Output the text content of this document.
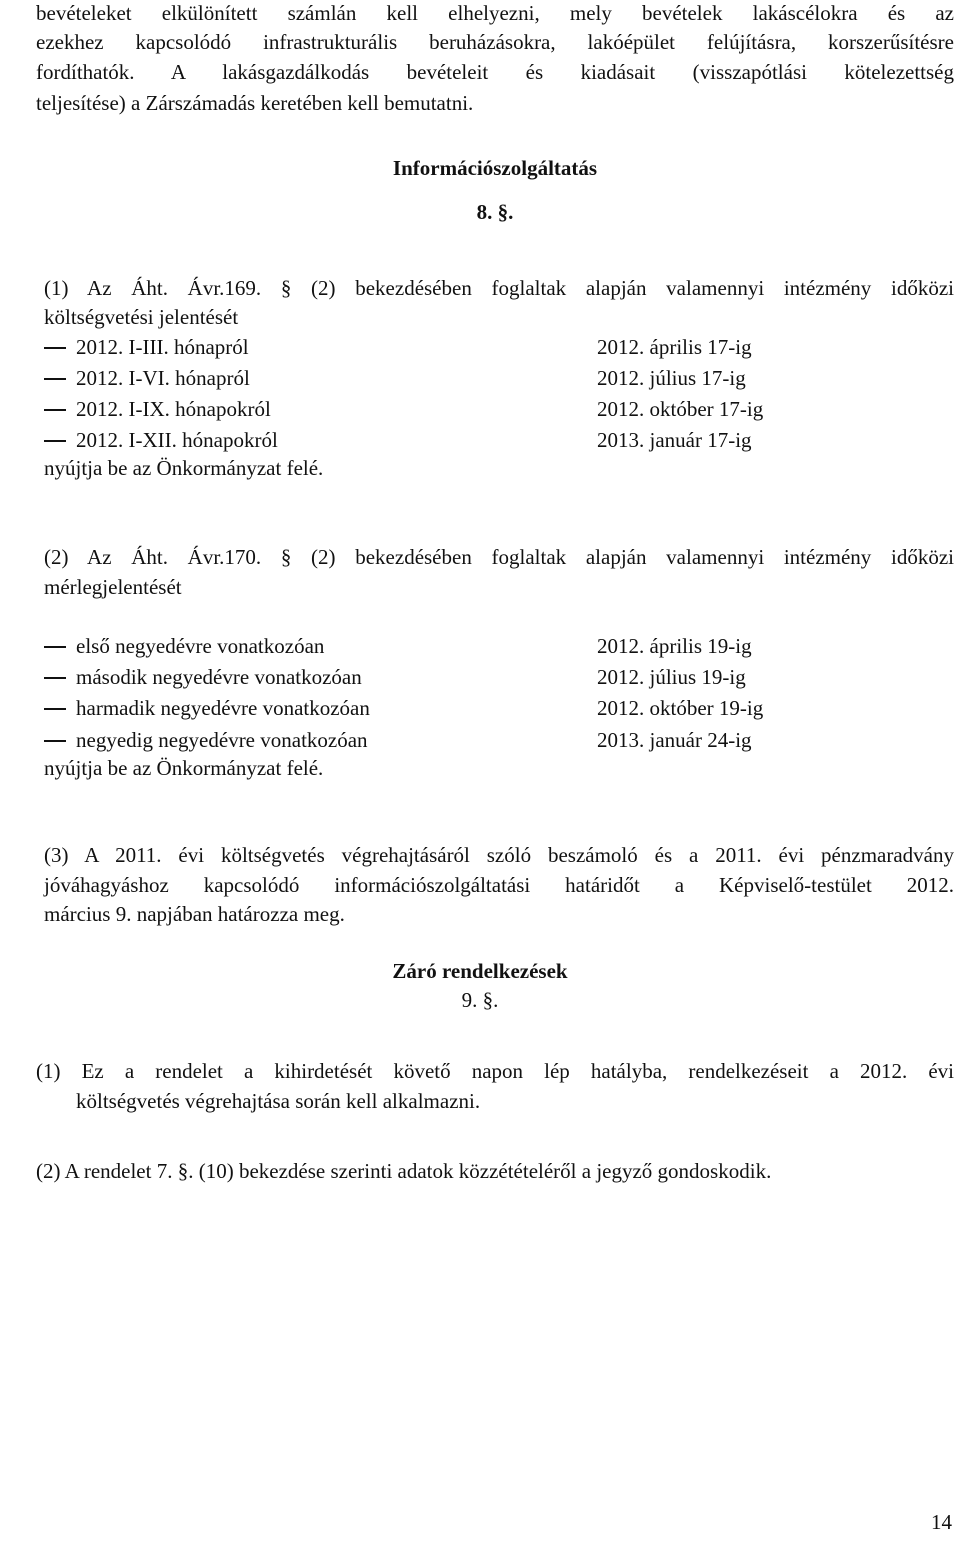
bevételeket elkülönített számlán kell elhelyezni, mely bevételek lakáscélokra és az
ezekhez kapcsolódó infrastrukturális beruházásokra, lakóépület felújításra, korszerűsítésre
fordíthatók. A lakásgazdálkodás bevételeit és kiadásait (visszapótlási kötelezettség
teljesítése) a Zárszámadás keretében kell bemutatni.
Információszolgáltatás
8. §.
(1) Az Áht. Ávr.169. § (2) bekezdésében foglaltak alapján valamennyi intézmény időközi
költségvetési jelentését
2012. I-III. hónapról	2012. április 17-ig
2012. I-VI. hónapról	2012. július 17-ig
2012. I-IX. hónapokról	2012. október 17-ig
2012. I-XII. hónapokról	2013. január 17-ig
nyújtja be az Önkormányzat felé.
(2) Az Áht. Ávr.170. § (2) bekezdésében foglaltak alapján valamennyi intézmény időközi
mérlegjelentését
első negyedévre vonatkozóan	2012. április 19-ig
második negyedévre vonatkozóan	2012. július 19-ig
harmadik negyedévre vonatkozóan	2012. október 19-ig
negyedig negyedévre vonatkozóan	2013. január 24-ig
nyújtja be az Önkormányzat felé.
(3) A 2011. évi költségvetés végrehajtásáról szóló beszámoló és a 2011. évi pénzmaradvány
jóváhagyáshoz kapcsolódó információszolgáltatási határidőt a Képviselő-testület 2012.
március 9. napjában határozza meg.
Záró rendelkezések
9. §.
(1) Ez a rendelet a kihirdetését követő napon lép hatályba, rendelkezéseit a 2012. évi
költségvetés végrehajtása során kell alkalmazni.
(2) A rendelet 7. §. (10) bekezdése szerinti adatok közzétételéről a jegyző gondoskodik.
14
